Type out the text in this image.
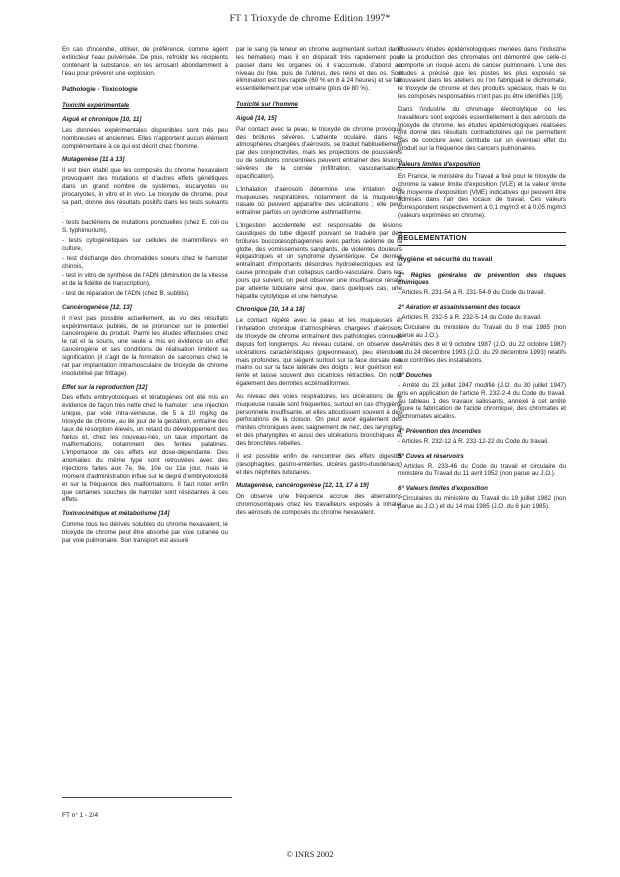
FT 1 Trioxyde de chrome Edition 1997*

En cas d'incendie, utiliser, de préférence, comme agent extincteur l'eau pulvérisée. De plus, refroidir les récipients contenant la substance, en les arrosant abondamment à l'eau pour prévenir une explosion.

Pathologie - Toxicologie

Toxicité expérimentale

Aiguë et chronique [10, 11]

Les données expérimentales disponibles sont très peu nombreuses et anciennes. Elles n'apportent aucun élément complémentaire à ce qui est décrit chez l'homme.

Mutagenèse [11 à 13]

Il est bien établi que les composés du chrome hexavalent provoquent des mutations et d'autres effets génétiques dans un grand nombre de systèmes, eucaryotes ou procaryotes, in vitro et in vivo. Le trioxyde de chrome, pour sa part, donne des résultats positifs dans les tests suivants :

- tests bactériens de mutations ponctuelles (chez E. coli ou S. typhimurium),

- tests cytogénétiques sur cellules de mammifères en culture,

- test d'échange des chromatides soeurs chez le hamster chinois,

- test in vitro de synthèse de l'ADN (diminution de la vitesse et de la fidélité de transcription),

- test de réparation de l'ADN (chez B. subtilis).

Cancérogenèse [12, 13]

Il n'est pas possible actuellement, au vu des résultats expérimentaux publiés, de se prononcer sur le potentiel cancérogène du produit. Parmi les études effectuées chez le rat et la souris, une seule a mis en évidence un effet cancérogène et ses conditions de réalisation limitent sa signification (il s'agit de la formation de sarcomes chez le rat par implantation intramusculaire de trioxyde de chrome insolubilisé par frittage).

Effet sur la reproduction [12]

Des effets embryotoxiques et tératogènes ont été mis en évidence de façon très nette chez le hamster : une injection unique, par voie intra-veineuse, de 5 à 10 mg/kg de trioxyde de chrome, au 8e jour de la gestation, entraîne des taux de résorption élevés, un retard du développement des fœtus et, chez les nouveau-nés, un taux important de malformations, notamment des fentes palatines. L'importance de ces effets est dose-dépendante. Des anomalies du même type sont retrouvées avec des injections faites aux 7e, 9e, 10e ou 11e jour, mais le moment d'administration influe sur le degré d'embryotoxicité et sur la fréquence des malformations. Il faut noter enfin que certaines souches de hamster sont résistantes à ces effets.

Toxicocinétique et métabolisme [14]

Comme tous les dérivés solubles du chrome hexavalent, le trioxyde de chrome peut être absorbé par voie cutanée ou par voie pulmonaire. Son transport est assuré

par le sang (la teneur en chrome augmentant surtout dans les hématies) mais il en disparaît très rapidement pour passer dans les organes où il s'accumule, d'abord au niveau du foie, puis de l'utérus, des reins et des os. Son élimination est très rapide (60 % en 8 à 24 heures) et se fait essentiellement par voie urinaire (plus de 80 %).

Toxicité sur l'homme

Aiguë [14, 15]

Par contact avec la peau, le trioxyde de chrome provoque des brûlures sévères. L'atteinte oculaire, dans les atmosphères chargées d'aérosols, se traduit habituellement par des conjonctivites, mais les projections de poussières ou de solutions concentrées peuvent entraîner des lésions sévères de la cornée (infiltration, vascularisation, opacification).

L'inhalation d'aérosols détermine une irritation des muqueuses respiratoires, notamment de la muqueuse nasale où peuvent apparaître des ulcérations ; elle peut entraîner parfois un syndrome asthmatiforme.

L'ingestion accidentelle est responsable de lésions caustiques du tube digestif pouvant se traduire par des brûlures buccoœsophagiennes avec parfois œdème de la glotte, des vomissements sanglants, de violentes douleurs épigastriques et un syndrome dysentérique. Ce dernier entraînant d'importants désordres hydroélectriques est la cause principale d'un collapsus cardio-vasculaire. Dans les jours qui suivent, on peut observer une insuffisance rénale par atteinte tubulaire ainsi que, dans quelques cas, une hépatite cytolytique et une hémolyse.

Chronique [10, 14 à 18]

Le contact répété avec la peau et les muqueuses et l'inhalation chronique d'atmosphères chargées d'aérosols de trioxyde de chrome entraînent des pathologies connues depuis fort longtemps. Au niveau cutané, on observe des ulcérations caractéristiques (pigeonneaux), peu étendues mais profondes, qui siègent surtout sur la face dorsale des mains ou sur la face latérale des doigts ; leur guérison est lente et laisse souvent des cicatrices rétractiles. On note également des dermites eczématiformes.

Au niveau des voies respiratoires, les ulcérations de la muqueuse nasale sont fréquentes, surtout en cas d'hygiène personnelle insuffisante, et elles aboutissent souvent à des perforations de la cloison. On peut avoir également des rhinites chroniques avec saignement de nez, des laryngites et des pharyngites et aussi des ulcérations bronchiques et des bronchites rebelles.

Il est possible enfin de rencontrer des effets digestifs (œsophagites, gastro-entérites, ulcères gastro-duodénaux) et des néphrites tubulaires.

Mutagenèse, cancérogenèse [12, 13, 17 à 19]

On observe une fréquence accrue des aberrations chromosomiques chez les travailleurs exposés à inhaler des aérosols de composés du chrome hexavalent.

Plusieurs études épidémiologiques menées dans l'industrie de la production des chromates ont démontré que celle-ci comporte un risque accru de cancer pulmonaire. L'une des études a précisé que les postes les plus exposés se trouvaient dans les ateliers où l'on fabriquait le dichromate, le trioxyde de chrome et des produits spéciaux, mais le ou les composés responsables n'ont pas pu être identifiés [19].

Dans l'industrie du chromage électrolytique où les travailleurs sont exposés essentiellement à des aérosols de trioxyde de chrome, les études épidémiologiques réalisées ont donné des résultats contradictoires qui ne permettent pas de conclure avec certitude sur un éventuel effet du produit sur la fréquence des cancers pulmonaires.

Valeurs limites d'exposition

En France, le ministère du Travail a fixé pour le trioxyde de chrome la valeur limite d'exposition (VLE) et la valeur limite de moyenne d'exposition (VME) indicatives qui peuvent être admises dans l'air des locaux de travail. Ces valeurs correspondent respectivement à 0,1 mg/m3 et à 0,05 mg/m3 (valeurs exprimées en chrome).

REGLEMENTATION

Hygiène et sécurité du travail

1° Règles générales de prévention des risques chimiques

- Articles R. 231-54 à R. 231-54-9 du Code du travail.

2° Aération et assainissement des locaux

- Articles R. 232-5 à R. 232-5-14 du Code du travail.

- Circulaire du ministère du Travail du 9 mai 1985 (non parue au J.O.).

- Arrêtés des 8 et 9 octobre 1987 (J.O. du 22 octobre 1987) et du 24 décembre 1993 (J.O. du 29 décembre 1993) relatifs aux contrôles des installations.

3° Douches

- Arrêté du 23 juillet 1947 modifié (J.O. du 30 juillet 1947) pris en application de l'article R. 232-2-4 du Code du travail. Au tableau 1 des travaux salissants, annexé à cet arrêté figure la fabrication de l'acide chromique, des chromates et bichromates alcalins.

4° Prévention des incendies

- Articles R. 232-12 à R. 232-12-22 du Code du travail.

5° Cuves et réservoirs

- Articles R. 233-46 du Code du travail et circulaire du ministère du Travail du 11 avril 1952 (non parue au J.O.).

6° Valeurs limites d'exposition

- Circulaires du ministère du Travail du 19 juillet 1982 (non parue au J.O.) et du 14 mai 1985 (J.O. du 6 juin 1985).

FT n° 1 - 2/4
© INRS 2002
